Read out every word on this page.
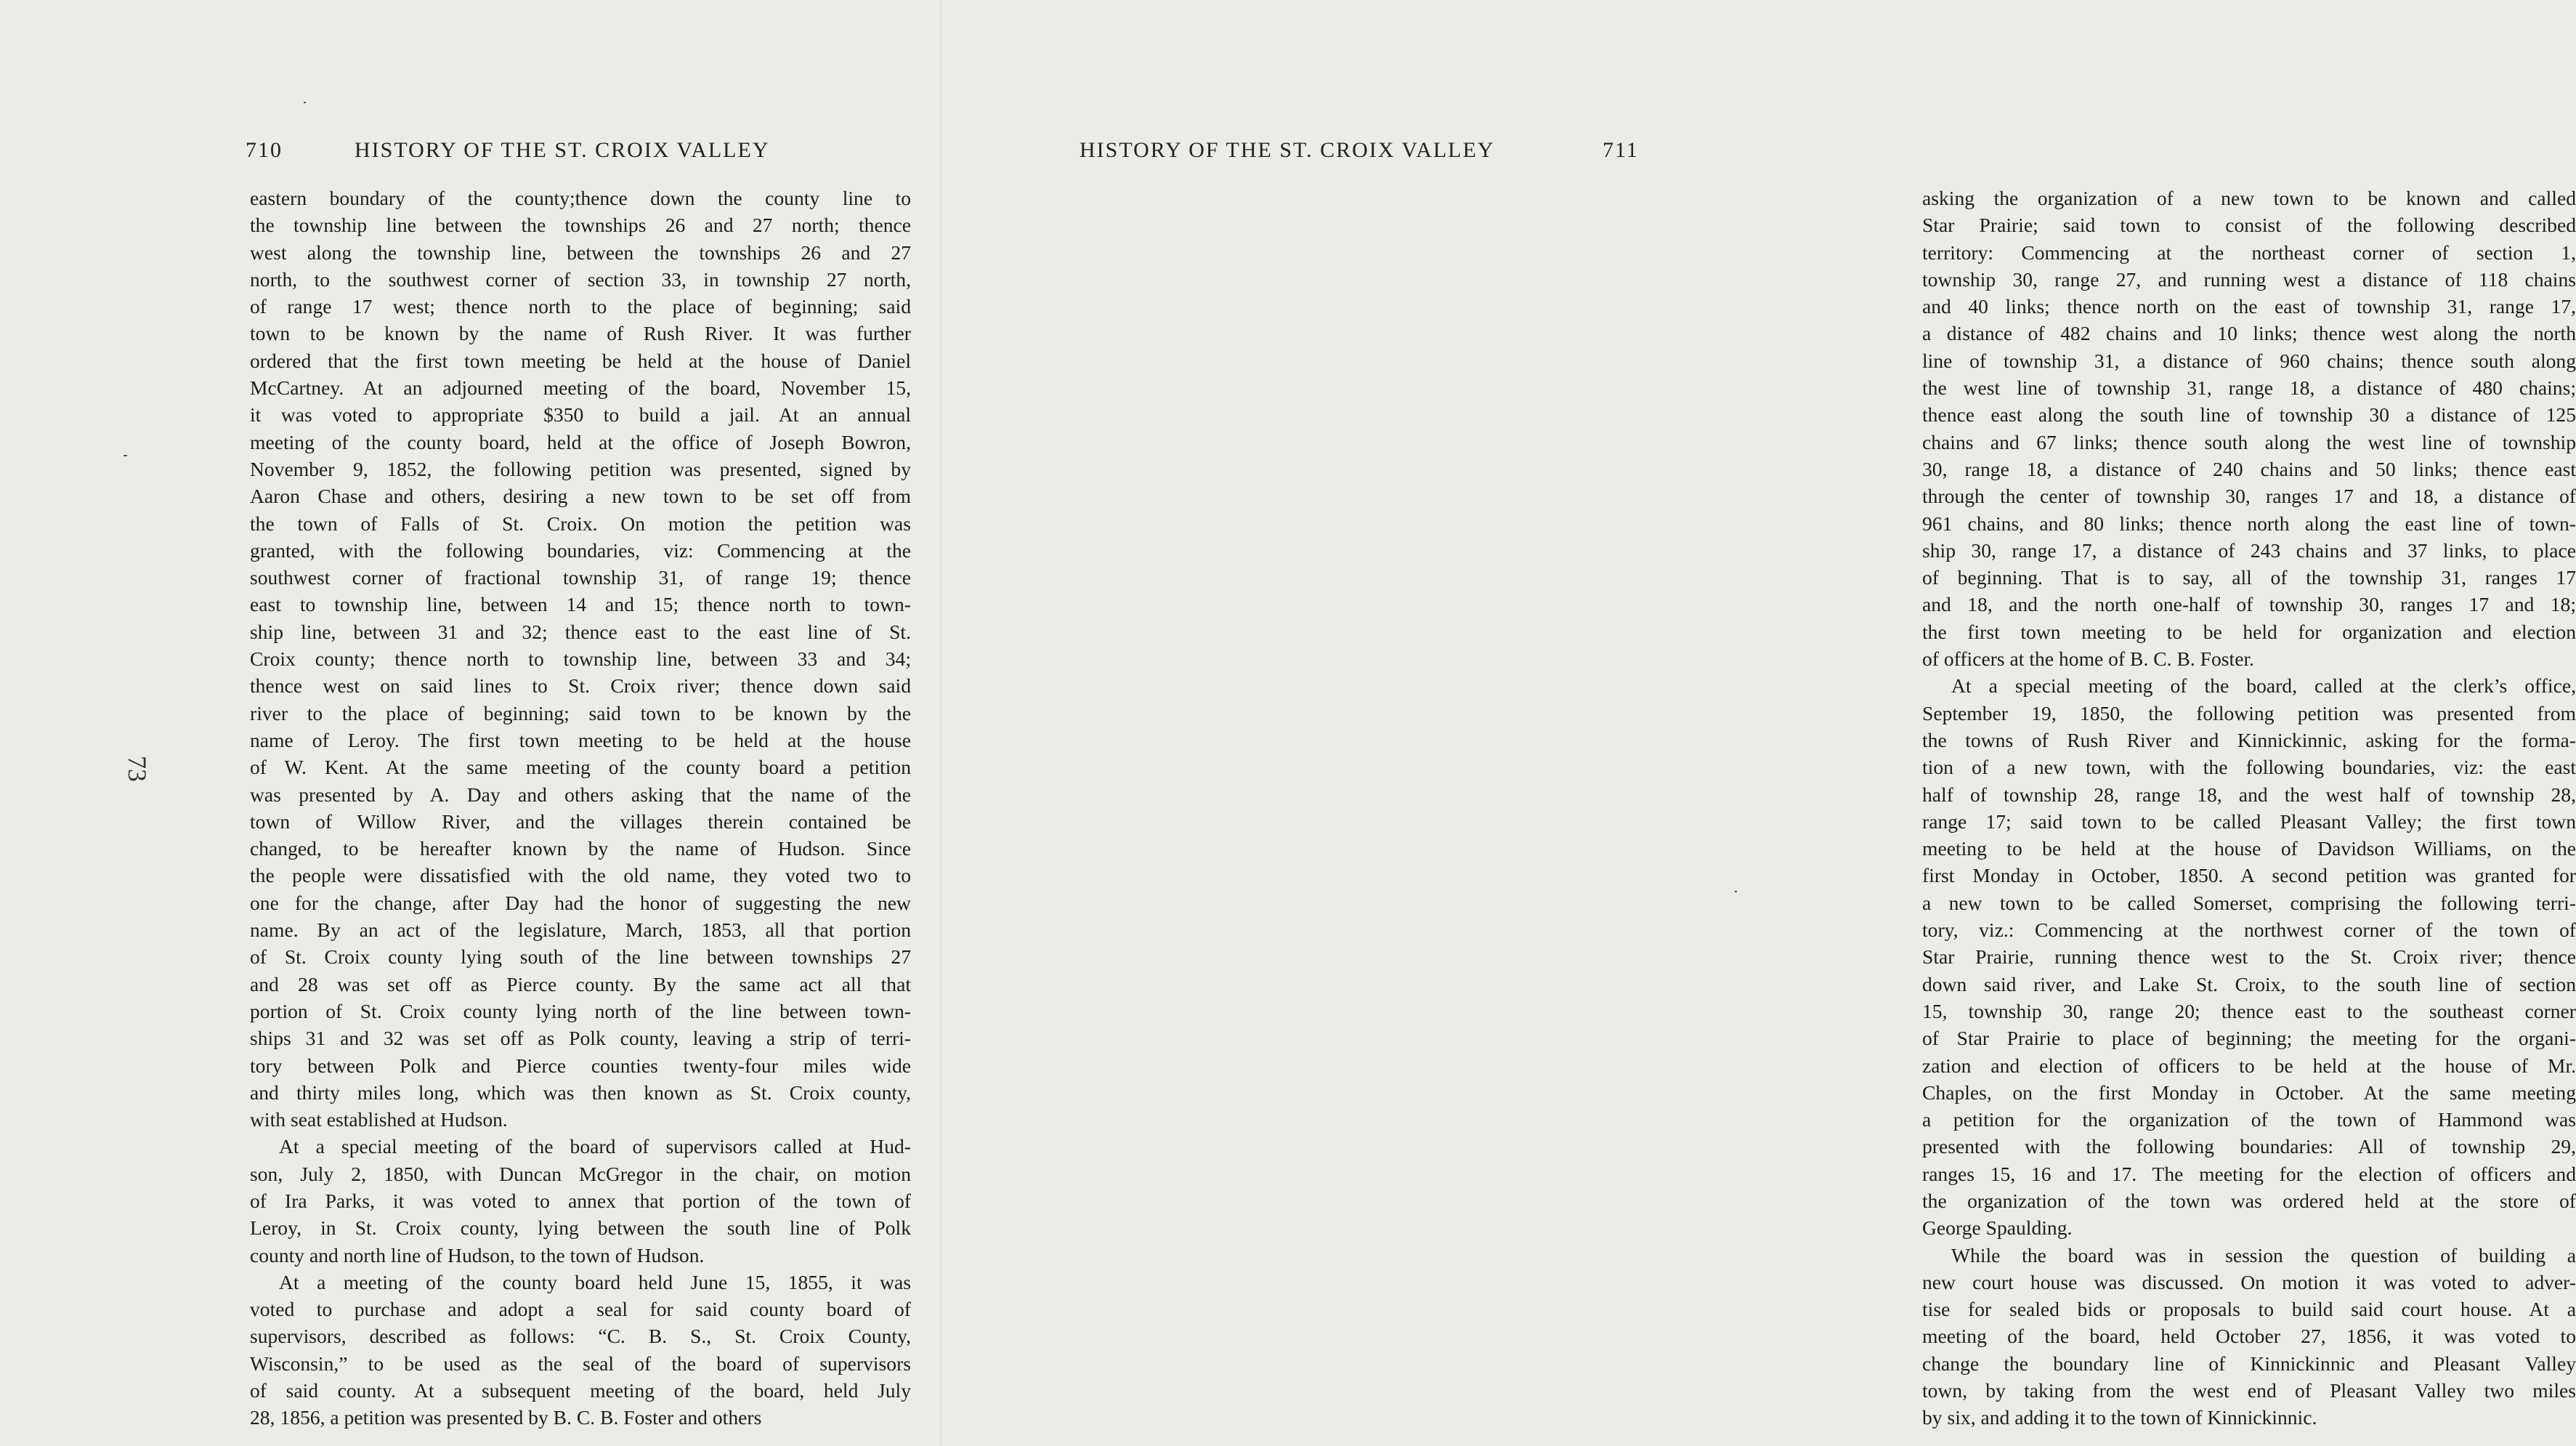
710	HISTORY OF THE ST. CROIX VALLEY
73
eastern boundary of the county;thence down the county line to
the township line between the townships 26 and 27 north; thence
west along the township line, between the townships 26 and 27
north, to the southwest corner of section 33, in township 27 north,
of range 17 west; thence north to the place of beginning; said
town to be known by the name of Rush River. It was further
ordered that the first town meeting be held at the house of Daniel
McCartney. At an adjourned meeting of the board, November 15,
it was voted to appropriate $350 to build a jail. At an annual
meeting of the county board, held at the office of Joseph Bowron,
November 9, 1852, the following petition was presented, signed by
Aaron Chase and others, desiring a new town to be set off from
the town of Falls of St. Croix. On motion the petition was
granted, with the following boundaries, viz: Commencing at the
southwest corner of fractional township 31, of range 19; thence
east to township line, between 14 and 15; thence north to town-
ship line, between 31 and 32; thence east to the east line of St.
Croix county; thence north to township line, between 33 and 34;
thence west on said lines to St. Croix river; thence down said
river to the place of beginning; said town to be known by the
name of Leroy. The first town meeting to be held at the house
of W. Kent. At the same meeting of the county board a petition
was presented by A. Day and others asking that the name of the
town of Willow River, and the villages therein contained be
changed, to be hereafter known by the name of Hudson. Since
the people were dissatisfied with the old name, they voted two to
one for the change, after Day had the honor of suggesting the new
name. By an act of the legislature, March, 1853, all that portion
of St. Croix county lying south of the line between townships 27
and 28 was set off as Pierce county. By the same act all that
portion of St. Croix county lying north of the line between town-
ships 31 and 32 was set off as Polk county, leaving a strip of terri-
tory between Polk and Pierce counties twenty-four miles wide
and thirty miles long, which was then known as St. Croix county,
with seat established at Hudson.
At a special meeting of the board of supervisors called at Hud-
son, July 2, 1850, with Duncan McGregor in the chair, on motion
of Ira Parks, it was voted to annex that portion of the town of
Leroy, in St. Croix county, lying between the south line of Polk
county and north line of Hudson, to the town of Hudson.
At a meeting of the county board held June 15, 1855, it was
voted to purchase and adopt a seal for said county board of
supervisors, described as follows: “C. B. S., St. Croix County,
Wisconsin,” to be used as the seal of the board of supervisors
of said county. At a subsequent meeting of the board, held July
28, 1856, a petition was presented by B. C. B. Foster and others
HISTORY OF THE ST. CROIX VALLEY	711
asking the organization of a new town to be known and called
Star Prairie; said town to consist of the following described
territory: Commencing at the northeast corner of section 1,
township 30, range 27, and running west a distance of 118 chains
and 40 links; thence north on the east of township 31, range 17,
a distance of 482 chains and 10 links; thence west along the north
line of township 31, a distance of 960 chains; thence south along
the west line of township 31, range 18, a distance of 480 chains;
thence east along the south line of township 30 a distance of 125
chains and 67 links; thence south along the west line of township
30, range 18, a distance of 240 chains and 50 links; thence east
through the center of township 30, ranges 17 and 18, a distance of
961 chains, and 80 links; thence north along the east line of town-
ship 30, range 17, a distance of 243 chains and 37 links, to place
of beginning. That is to say, all of the township 31, ranges 17
and 18, and the north one-half of township 30, ranges 17 and 18;
the first town meeting to be held for organization and election
of officers at the home of B. C. B. Foster.
At a special meeting of the board, called at the clerk’s office,
September 19, 1850, the following petition was presented from
the towns of Rush River and Kinnickinnic, asking for the forma-
tion of a new town, with the following boundaries, viz: the east
half of township 28, range 18, and the west half of township 28,
range 17; said town to be called Pleasant Valley; the first town
meeting to be held at the house of Davidson Williams, on the
first Monday in October, 1850. A second petition was granted for
a new town to be called Somerset, comprising the following terri-
tory, viz.: Commencing at the northwest corner of the town of
Star Prairie, running thence west to the St. Croix river; thence
down said river, and Lake St. Croix, to the south line of section
15, township 30, range 20; thence east to the southeast corner
of Star Prairie to place of beginning; the meeting for the organi-
zation and election of officers to be held at the house of Mr.
Chaples, on the first Monday in October. At the same meeting
a petition for the organization of the town of Hammond was
presented with the following boundaries: All of township 29,
ranges 15, 16 and 17. The meeting for the election of officers and
the organization of the town was ordered held at the store of
George Spaulding.
While the board was in session the question of building a
new court house was discussed. On motion it was voted to adver-
tise for sealed bids or proposals to build said court house. At a
meeting of the board, held October 27, 1856, it was voted to
change the boundary line of Kinnickinnic and Pleasant Valley
town, by taking from the west end of Pleasant Valley two miles
by six, and adding it to the town of Kinnickinnic.
